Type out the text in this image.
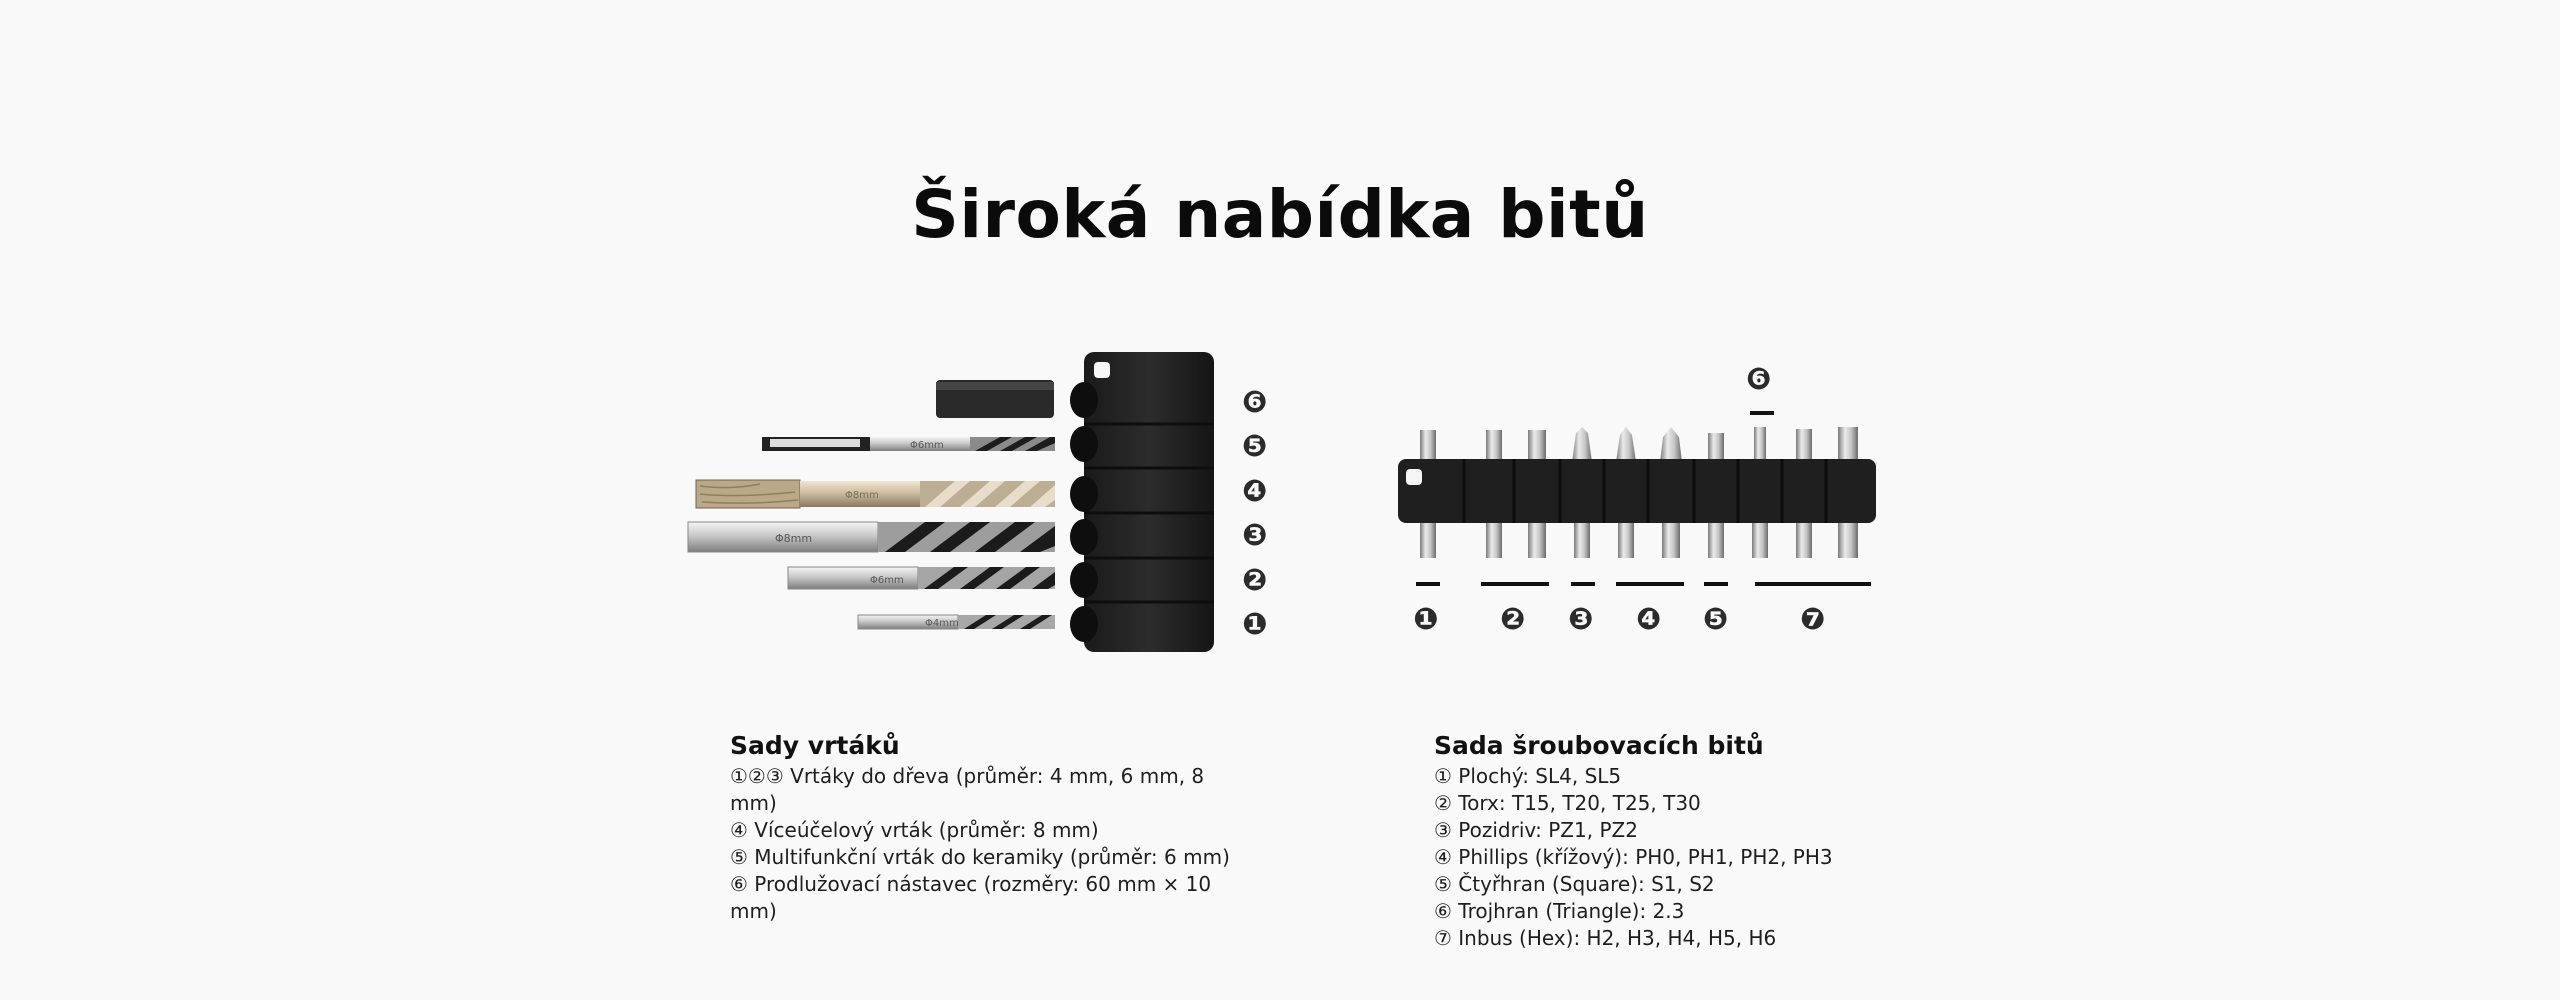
Široká nabídka bitů
Φ6mm
Φ8mm
Φ8mm
Φ6mm
Φ4mm
❻
❺
❹
❸
❷
❶
❻
❶ ❷ ❸ ❹ ❺ ❼
Sady vrtáků
①②③ Vrtáky do dřeva (průměr: 4 mm, 6 mm, 8 mm)
④ Víceúčelový vrták (průměr: 8 mm)
⑤ Multifunkční vrták do keramiky (průměr: 6 mm)
⑥ Prodlužovací nástavec (rozměry: 60 mm × 10 mm)
Sada šroubovacích bitů
① Plochý: SL4, SL5
② Torx: T15, T20, T25, T30
③ Pozidriv: PZ1, PZ2
④ Phillips (křížový): PH0, PH1, PH2, PH3
⑤ Čtyřhran (Square): S1, S2
⑥ Trojhran (Triangle): 2.3
⑦ Inbus (Hex): H2, H3, H4, H5, H6
